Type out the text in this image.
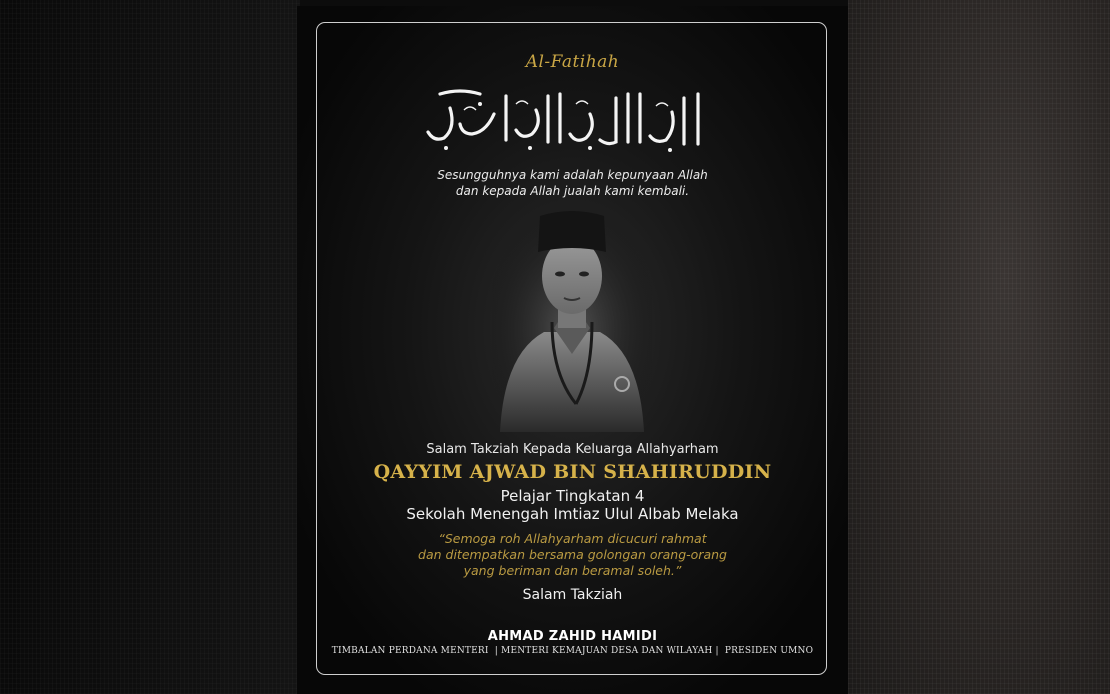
Al-Fatihah
Sesungguhnya kami adalah kepunyaan Allah
dan kepada Allah jualah kami kembali.
Salam Takziah Kepada Keluarga Allahyarham
QAYYIM AJWAD BIN SHAHIRUDDIN
Pelajar Tingkatan 4
Sekolah Menengah Imtiaz Ulul Albab Melaka
“Semoga roh Allahyarham dicucuri rahmat
dan ditempatkan bersama golongan orang-orang
yang beriman dan beramal soleh.”
Salam Takziah
AHMAD ZAHID HAMIDI
TIMBALAN PERDANA MENTERI  | MENTERI KEMAJUAN DESA DAN WILAYAH |  PRESIDEN UMNO
